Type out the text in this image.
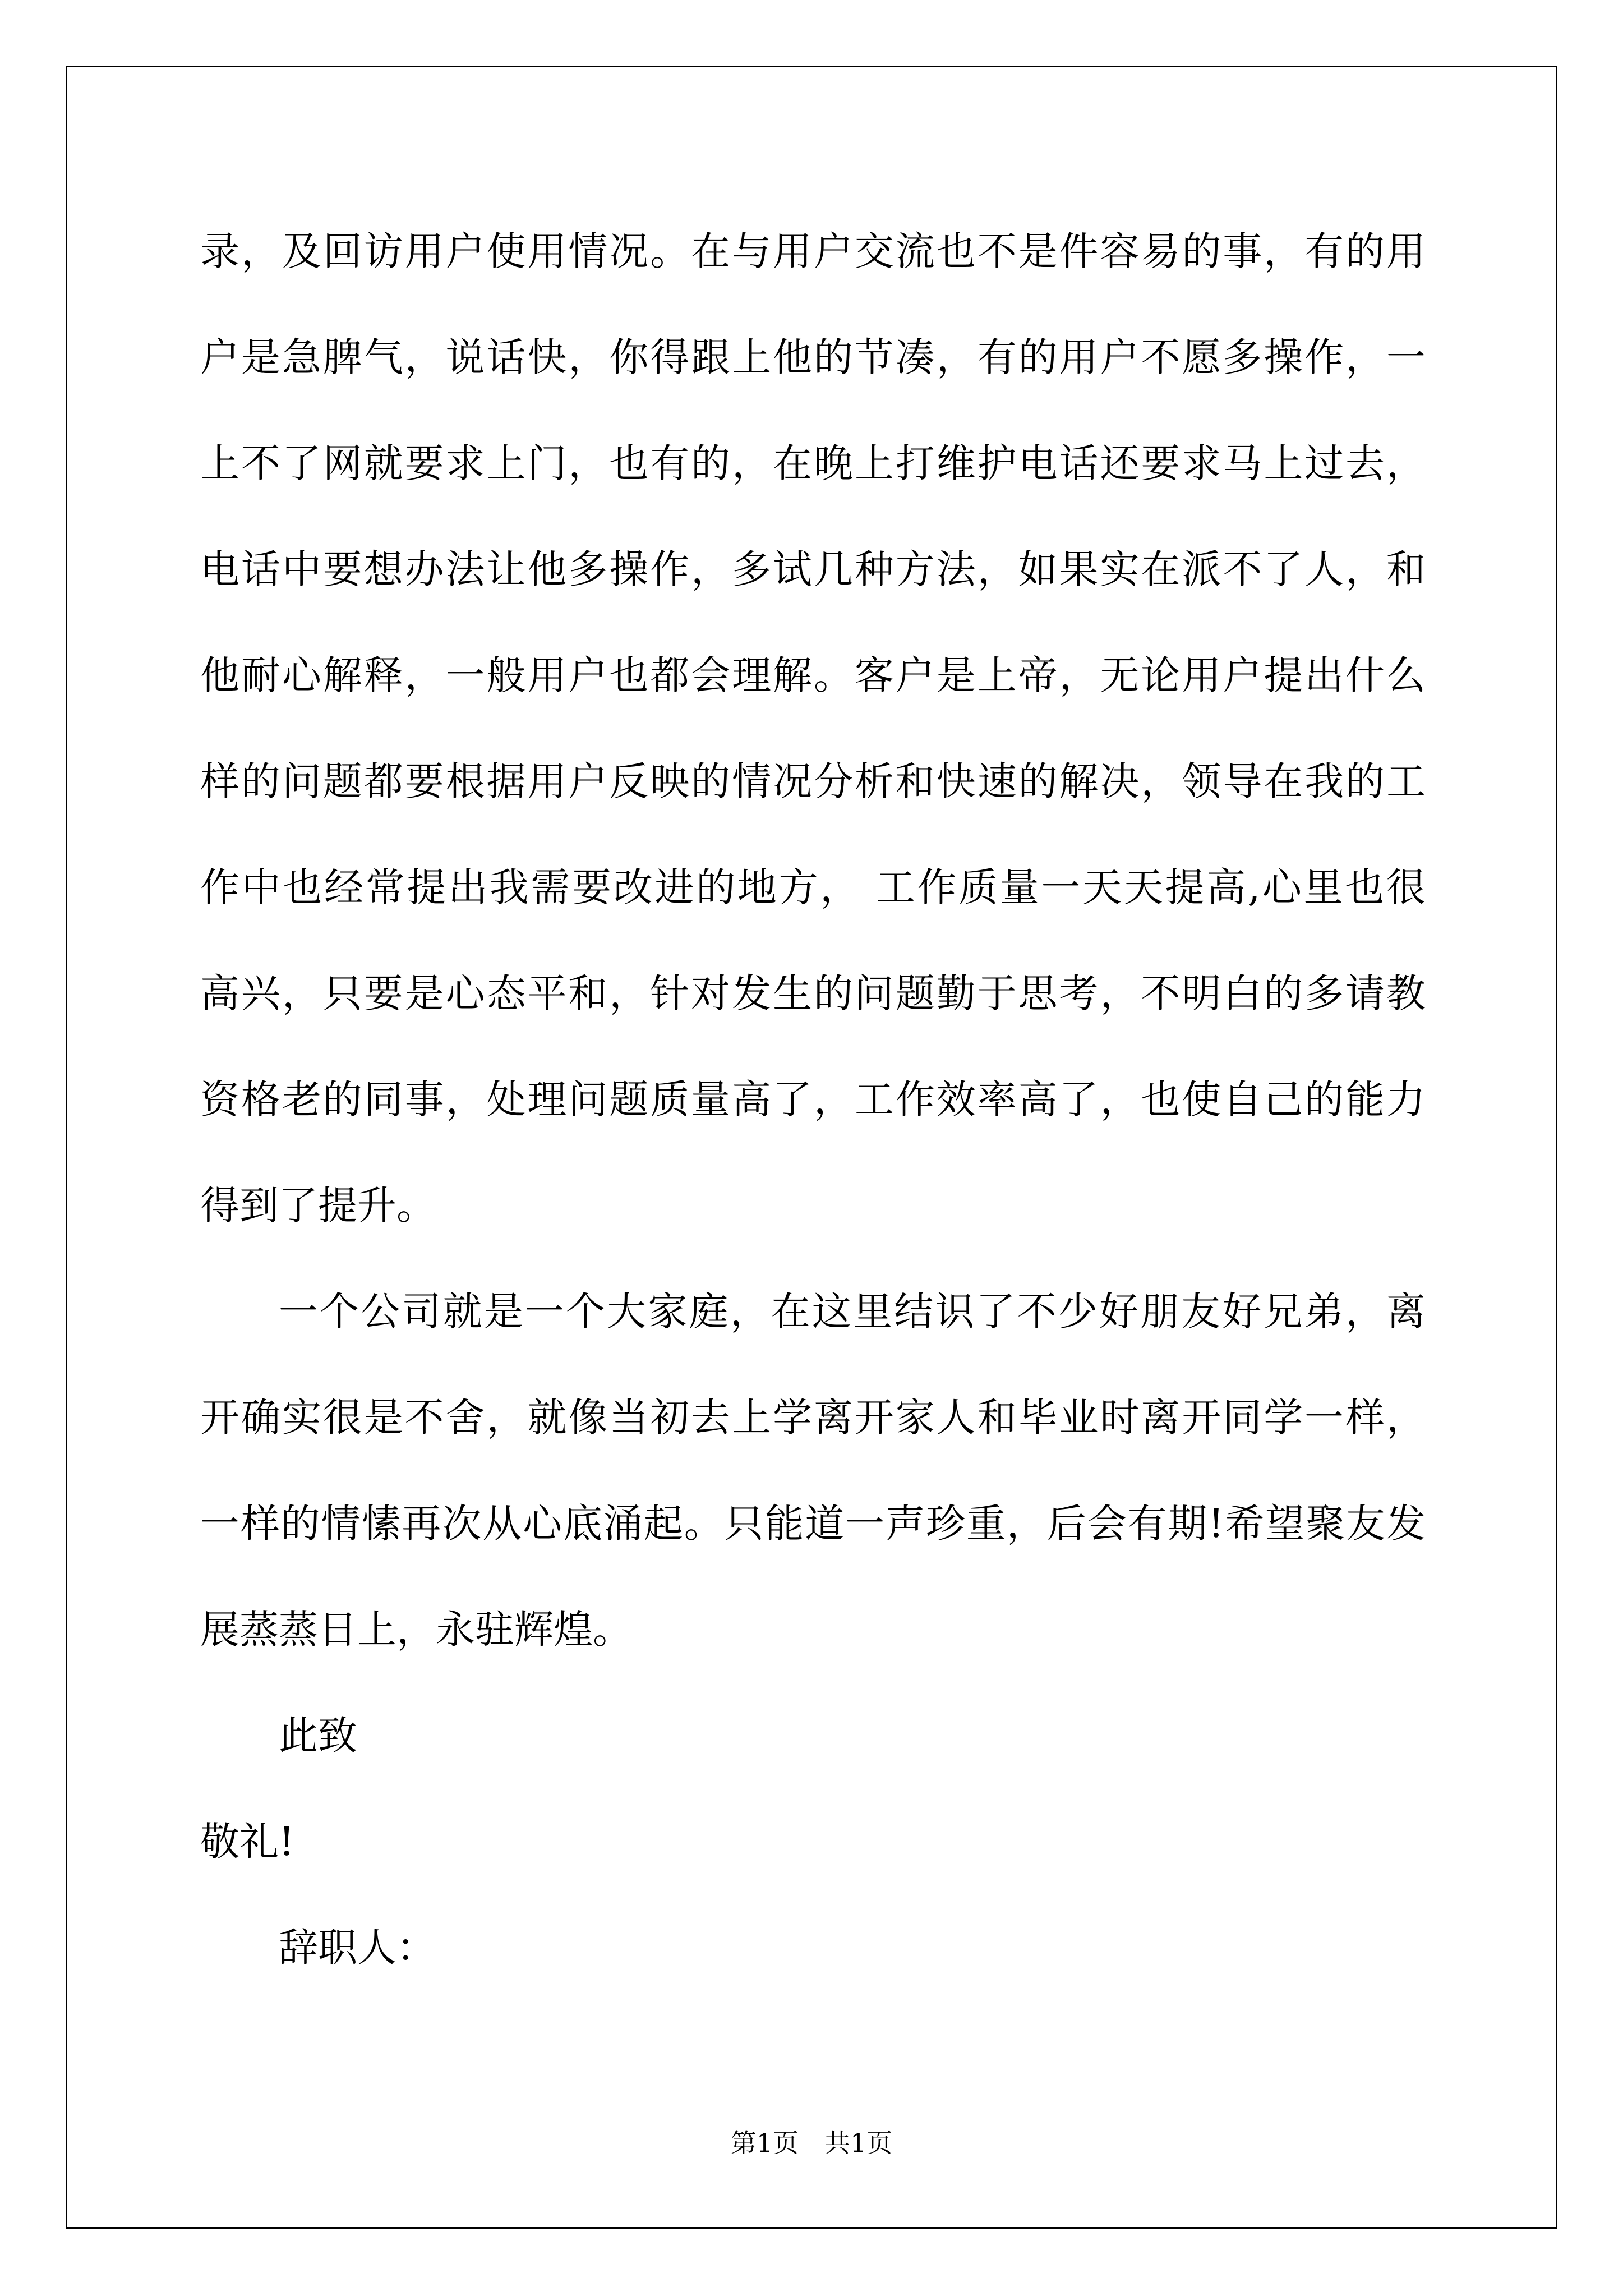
录，及回访用户使用情况。在与用户交流也不是件容易的事，有的用
户是急脾气，说话快，你得跟上他的节凑，有的用户不愿多操作，一
上不了网就要求上门，也有的，在晚上打维护电话还要求马上过去，
电话中要想办法让他多操作，多试几种方法，如果实在派不了人，和
他耐心解释，一般用户也都会理解。客户是上帝，无论用户提出什么
样的问题都要根据用户反映的情况分析和快速的解决，领导在我的工
作中也经常提出我需要改进的地方， 工作质量一天天提高,心里也很
高兴，只要是心态平和，针对发生的问题勤于思考，不明白的多请教
资格老的同事，处理问题质量高了，工作效率高了，也使自己的能力
得到了提升。
一个公司就是一个大家庭，在这里结识了不少好朋友好兄弟，离
开确实很是不舍，就像当初去上学离开家人和毕业时离开同学一样，
一样的情愫再次从心底涌起。只能道一声珍重，后会有期!希望聚友发
展蒸蒸日上，永驻辉煌。
此致
敬礼!
辞职人：
第1页 共1页
